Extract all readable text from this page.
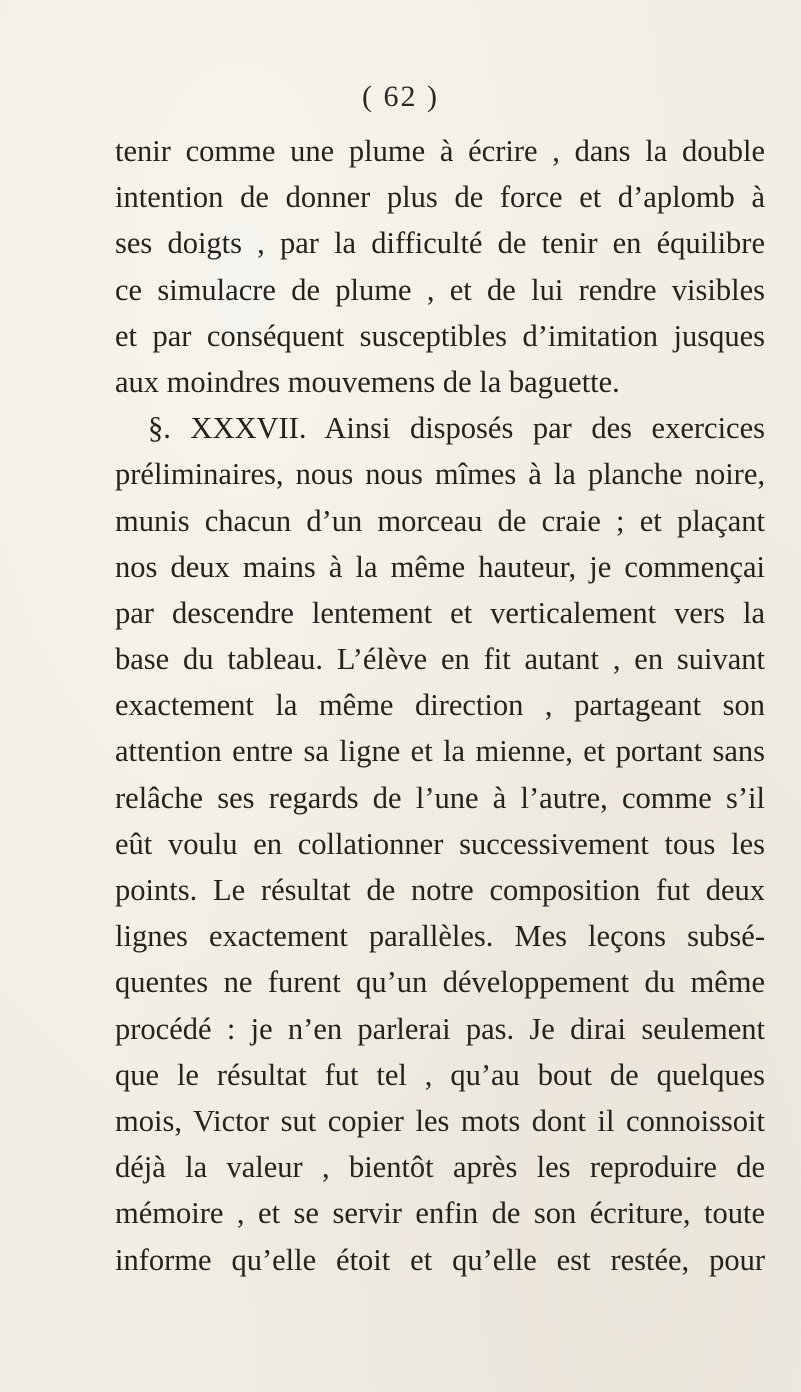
( 62 )
tenir comme une plume à écrire , dans la double
intention de donner plus de force et d’aplomb à
ses doigts , par la difficulté de tenir en équilibre
ce simulacre de plume , et de lui rendre visibles
et par conséquent susceptibles d’imitation jusques
aux moindres mouvemens de la baguette.
§. XXXVII. Ainsi disposés par des exercices
préliminaires, nous nous mîmes à la planche noire,
munis chacun d’un morceau de craie ; et plaçant
nos deux mains à la même hauteur, je commençai
par descendre lentement et verticalement vers la
base du tableau. L’élève en fit autant , en suivant
exactement la même direction , partageant son
attention entre sa ligne et la mienne, et portant sans
relâche ses regards de l’une à l’autre, comme s’il
eût voulu en collationner successivement tous les
points. Le résultat de notre composition fut deux
lignes exactement parallèles. Mes leçons subsé-
quentes ne furent qu’un développement du même
procédé : je n’en parlerai pas. Je dirai seulement
que le résultat fut tel , qu’au bout de quelques
mois, Victor sut copier les mots dont il connoissoit
déjà la valeur , bientôt après les reproduire de
mémoire , et se servir enfin de son écriture, toute
informe qu’elle étoit et qu’elle est restée, pour
